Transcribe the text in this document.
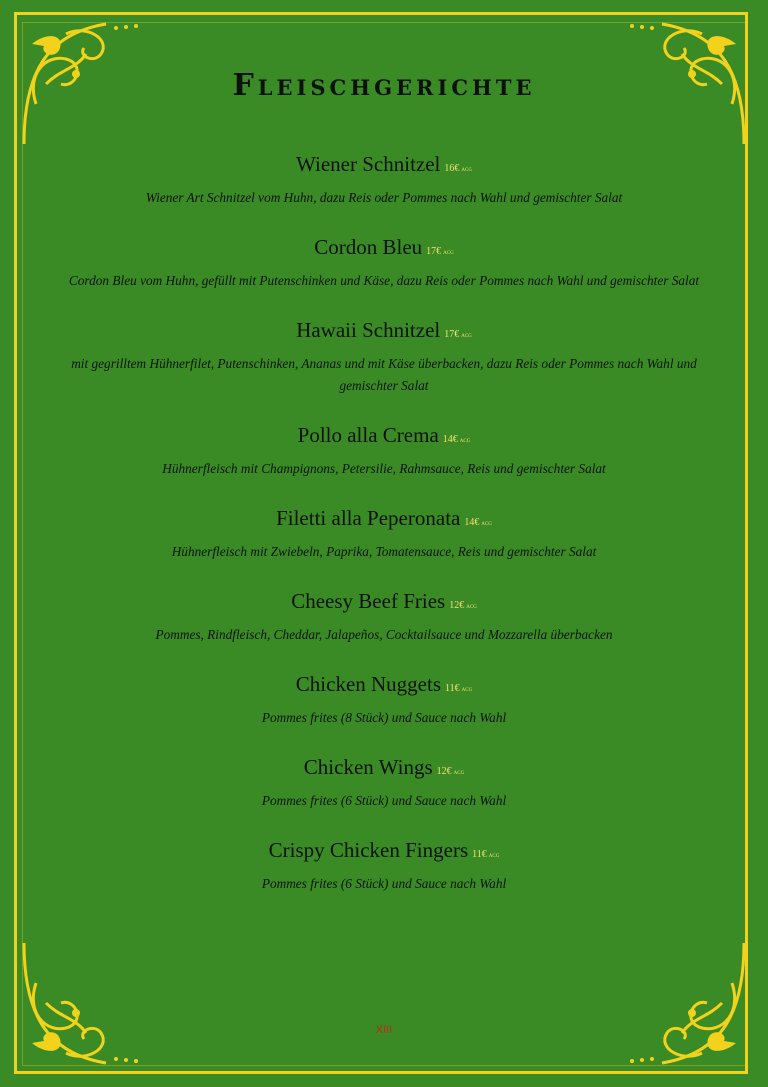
Fleischgerichte
Wiener Schnitzel 16€ ACG
Wiener Art Schnitzel vom Huhn, dazu Reis oder Pommes nach Wahl und gemischter Salat
Cordon Bleu 17€ ACG
Cordon Bleu vom Huhn, gefüllt mit Putenschinken und Käse, dazu Reis oder Pommes nach Wahl und gemischter Salat
Hawaii Schnitzel 17€ ACG
mit gegrilltem Hühnerfilet, Putenschinken, Ananas und mit Käse überbacken, dazu Reis oder Pommes nach Wahl und gemischter Salat
Pollo alla Crema 14€ ACG
Hühnerfleisch mit Champignons, Petersilie, Rahmsauce, Reis und gemischter Salat
Filetti alla Peperonata 14€ ACG
Hühnerfleisch mit Zwiebeln, Paprika, Tomatensauce, Reis und gemischter Salat
Cheesy Beef Fries 12€ ACG
Pommes, Rindfleisch, Cheddar, Jalapeños, Cocktailsauce und Mozzarella überbacken
Chicken Nuggets 11€ ACG
Pommes frites (8 Stück) und Sauce nach Wahl
Chicken Wings 12€ ACG
Pommes frites (6 Stück) und Sauce nach Wahl
Crispy Chicken Fingers 11€ ACG
Pommes frites (6 Stück) und Sauce nach Wahl
XIII
